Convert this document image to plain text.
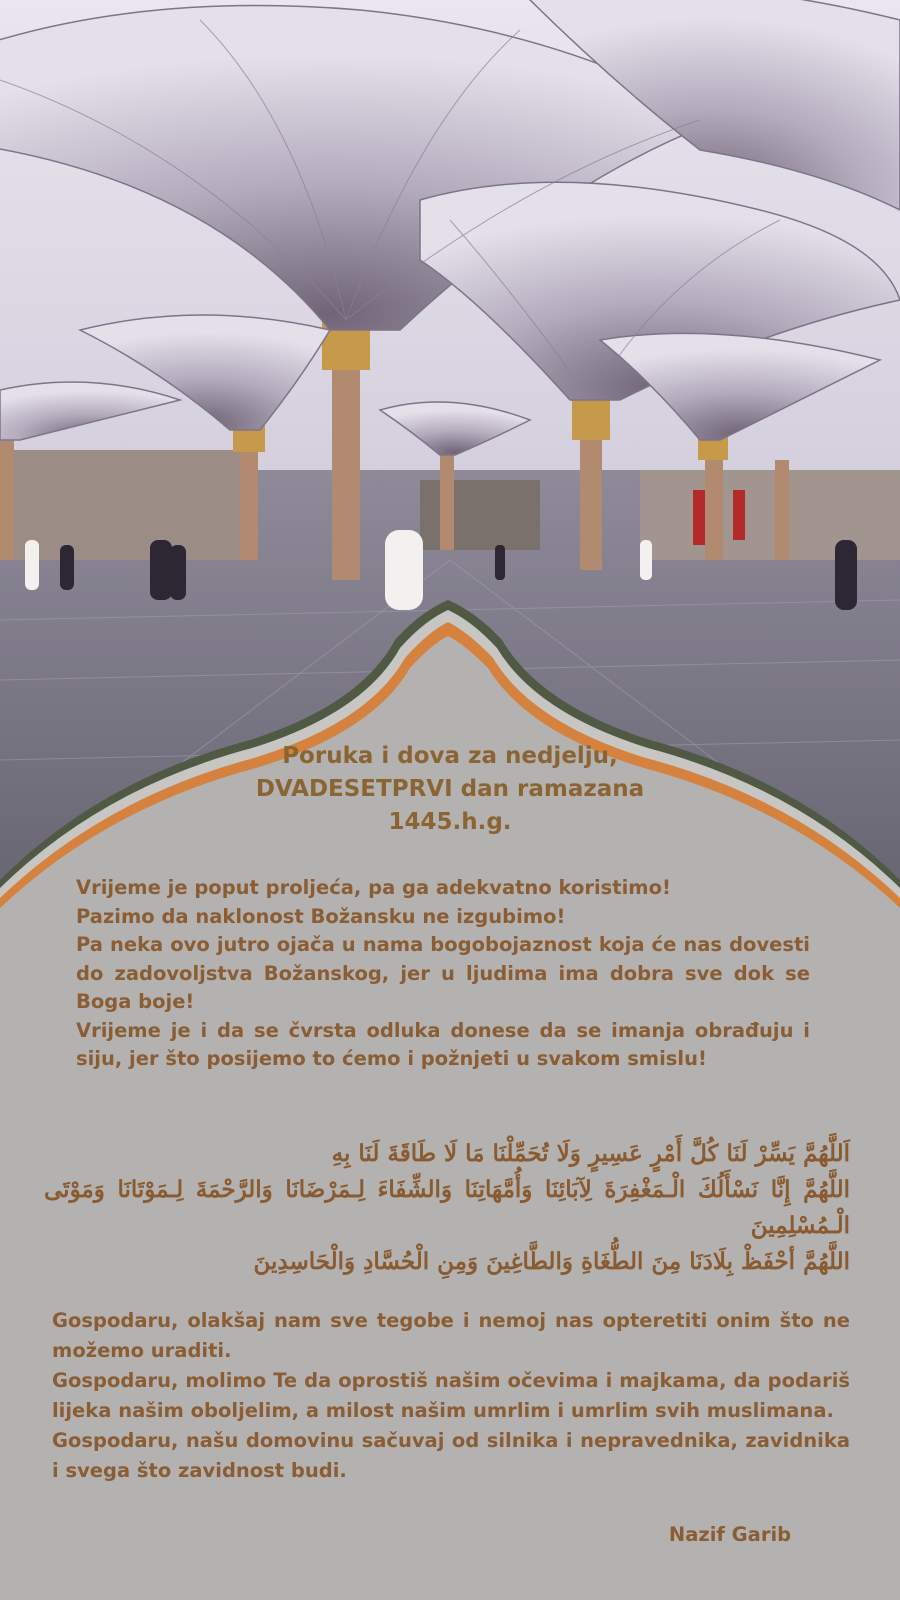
Poruka i dova za nedjelju,
DVADESETPRVI dan ramazana
1445.h.g.

Vrijeme je poput proljeća, pa ga adekvatno koristimo!

Pazimo da naklonost Božansku ne izgubimo!

Pa neka ovo jutro ojača u nama bogobojaznost koja će nas dovesti do zadovoljstva Božanskog, jer u ljudima ima dobra sve dok se Boga boje!

Vrijeme je i da se čvrsta odluka donese da se imanja obrađuju i siju, jer što posijemo to ćemo i požnjeti u svakom smislu!

اَللَّهُمَّ يَسِّرْ لَنَا كُلَّ أَمْرٍ عَسِيرٍ وَلَا تُحَمِّلْنَا مَا لَا طَاقَةَ لَنَا بِهِ

اللَّهُمَّ إِنَّا نَسْأَلُكَ الْـمَغْفِرَةَ لِآبَائِنَا وَأُمَّهَاتِنَا وَالشِّفَاءَ لِـمَرْضَانَا وَالرَّحْمَةَ لِـمَوْتَانَا وَمَوْتَى الْـمُسْلِمِينَ

اللَّهُمَّ أحْفَظْ بِلَادَنَا مِنَ الطُّغَاةِ وَالطَّاغِينَ وَمِنِ الْحُسَّادِ وَالْحَاسِدِينَ

Gospodaru, olakšaj nam sve tegobe i nemoj nas opteretiti onim što ne možemo uraditi.

Gospodaru, molimo Te da oprostiš našim očevima i majkama, da podariš lijeka našim oboljelim, a milost našim umrlim i umrlim svih muslimana.

Gospodaru, našu domovinu sačuvaj od silnika i nepravednika, zavidnika i svega što zavidnost budi.

Nazif Garib
